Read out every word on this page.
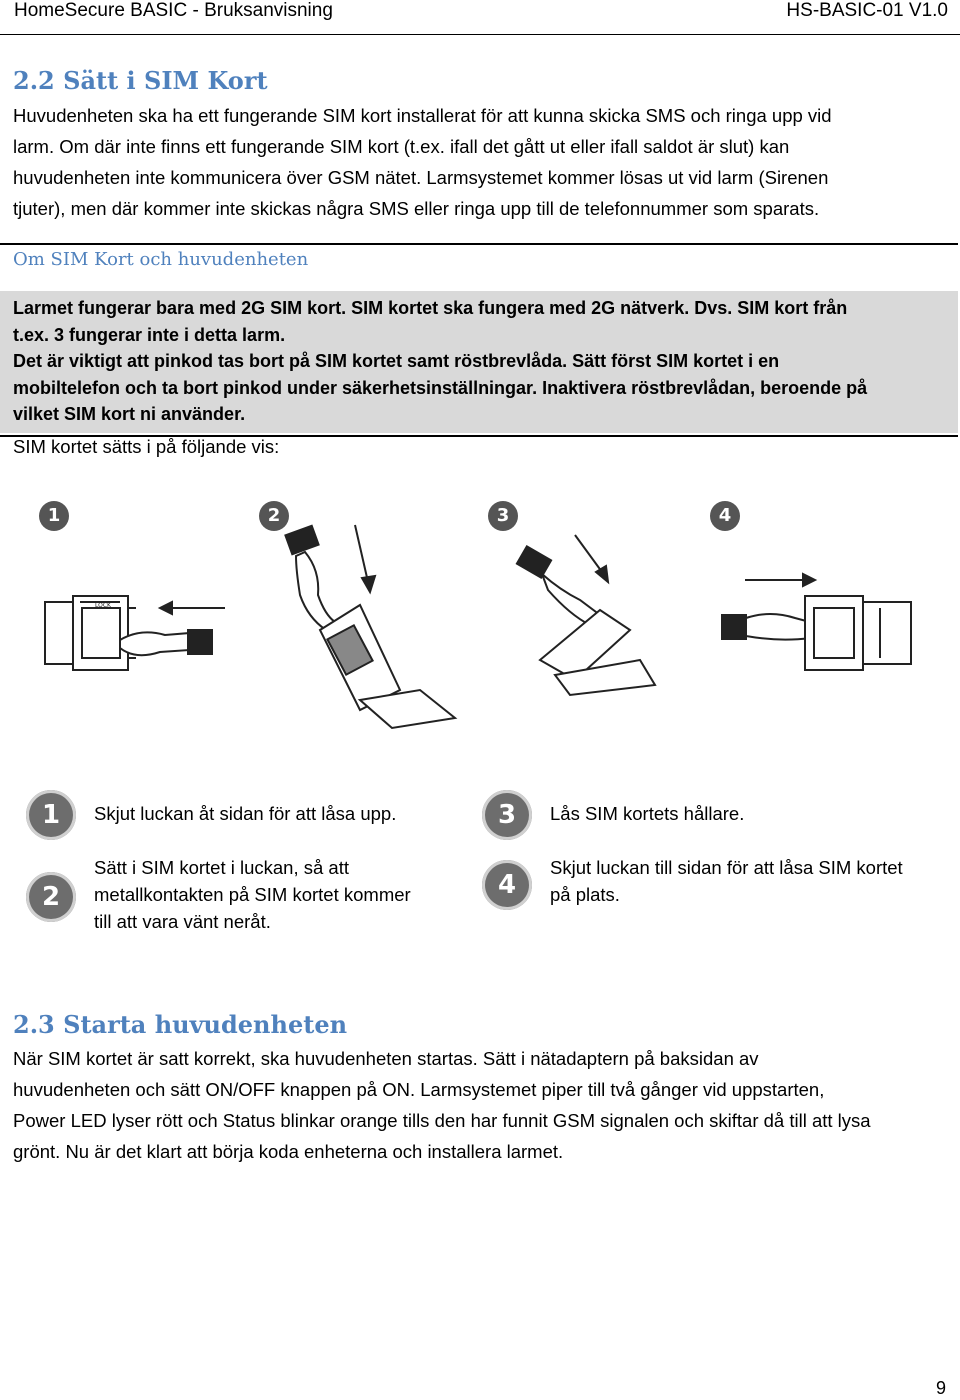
HomeSecure BASIC - Bruksanvisning	HS-BASIC-01 V1.0
2.2 Sätt i SIM Kort
Huvudenheten ska ha ett fungerande SIM kort installerat för att kunna skicka SMS och ringa upp vid
larm. Om där inte finns ett fungerande SIM kort (t.ex. ifall det gått ut eller ifall saldot är slut) kan
huvudenheten inte kommunicera över GSM nätet. Larmsystemet kommer lösas ut vid larm (Sirenen
tjuter), men där kommer inte skickas några SMS eller ringa upp till de telefonnummer som sparats.
Om SIM Kort och huvudenheten
Larmet fungerar bara med 2G SIM kort. SIM kortet ska fungera med 2G nätverk. Dvs. SIM kort från
t.ex. 3 fungerar inte i detta larm.
Det är viktigt att pinkod tas bort på SIM kortet samt röstbrevlåda. Sätt först SIM kortet i en
mobiltelefon och ta bort pinkod under säkerhetsinställningar. Inaktivera röstbrevlådan, beroende på
vilket SIM kort ni använder.
SIM kortet sätts i på följande vis:
1	2	3	4
LOCK
1	Skjut luckan åt sidan för att låsa upp.
2
Sätt i SIM kortet i luckan, så att
metallkontakten på SIM kortet kommer
till att vara vänt neråt.
3	Lås SIM kortets hållare.
4
Skjut luckan till sidan för att låsa SIM kortet
på plats.
2.3 Starta huvudenheten
När SIM kortet är satt korrekt, ska huvudenheten startas. Sätt i nätadaptern på baksidan av
huvudenheten och sätt ON/OFF knappen på ON. Larmsystemet piper till två gånger vid uppstarten,
Power LED lyser rött och Status blinkar orange tills den har funnit GSM signalen och skiftar då till att lysa
grönt. Nu är det klart att börja koda enheterna och installera larmet.
9
